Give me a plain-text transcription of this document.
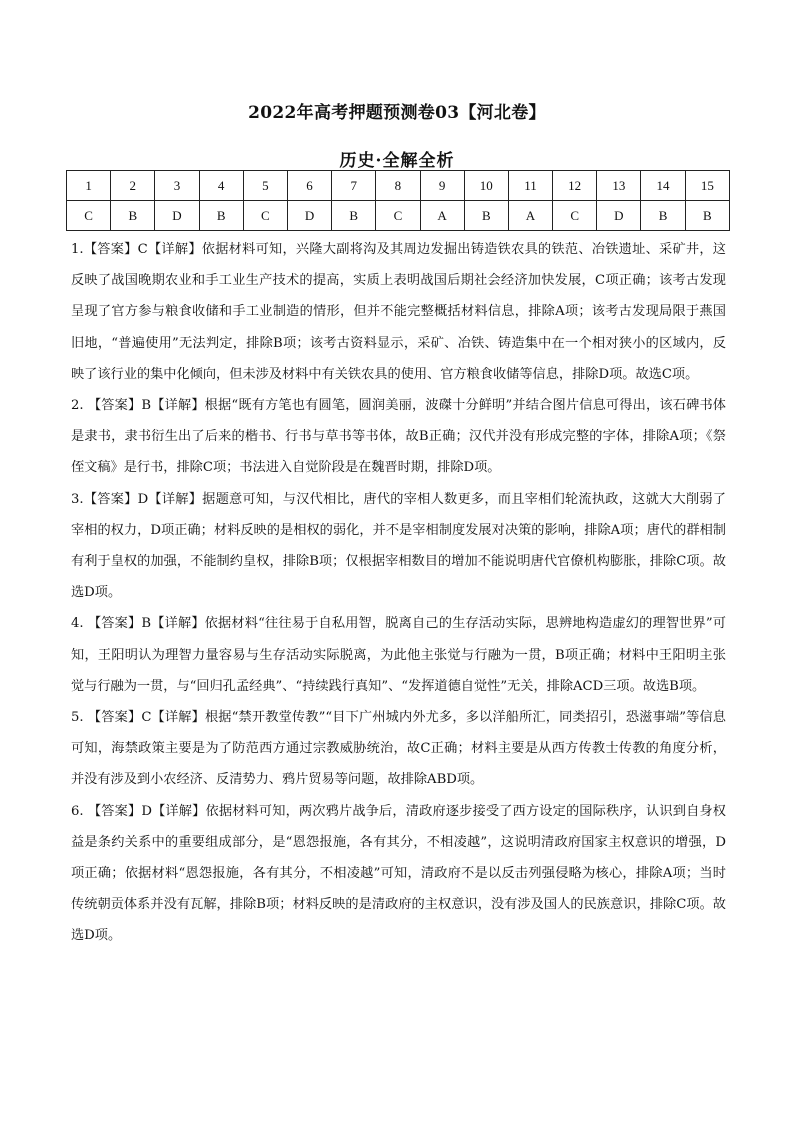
2022年高考押题预测卷03【河北卷】
历史·全解全析
1	2	3	4	5	6	7	8	9	10	11	12	13	14	15
C	B	D	B	C	D	B	C	A	B	A	C	D	B	B

1.【答案】C【详解】依据材料可知，兴隆大副将沟及其周边发掘出铸造铁农具的铁范、冶铁遗址、采矿井，这反映了战国晚期农业和手工业生产技术的提高，实质上表明战国后期社会经济加快发展，C项正确；该考古发现呈现了官方参与粮食收储和手工业制造的情形，但并不能完整概括材料信息，排除A项；该考古发现局限于燕国旧地，“普遍使用”无法判定，排除B项；该考古资料显示，采矿、冶铁、铸造集中在一个相对狭小的区域内，反映了该行业的集中化倾向，但未涉及材料中有关铁农具的使用、官方粮食收储等信息，排除D项。故选C项。

2. 【答案】B【详解】根据“既有方笔也有圆笔，圆润美丽，波磔十分鲜明”并结合图片信息可得出，该石碑书体是隶书，隶书衍生出了后来的楷书、行书与草书等书体，故B正确；汉代并没有形成完整的字体，排除A项；《祭侄文稿》是行书，排除C项；书法进入自觉阶段是在魏晋时期，排除D项。

3.【答案】D【详解】据题意可知，与汉代相比，唐代的宰相人数更多，而且宰相们轮流执政，这就大大削弱了宰相的权力，D项正确；材料反映的是相权的弱化，并不是宰相制度发展对决策的影响，排除A项；唐代的群相制有利于皇权的加强，不能制约皇权，排除B项；仅根据宰相数目的增加不能说明唐代官僚机构膨胀，排除C项。故选D项。

4. 【答案】B【详解】依据材料“往往易于自私用智，脱离自己的生存活动实际，思辨地构造虚幻的理智世界”可知，王阳明认为理智力量容易与生存活动实际脱离，为此他主张觉与行融为一贯，B项正确；材料中王阳明主张觉与行融为一贯，与“回归孔孟经典”、“持续践行真知”、“发挥道德自觉性”无关，排除ACD三项。故选B项。

5. 【答案】C【详解】根据“禁开教堂传教”“目下广州城内外尤多，多以洋船所汇，同类招引，恐滋事端”等信息可知，海禁政策主要是为了防范西方通过宗教威胁统治，故C正确；材料主要是从西方传教士传教的角度分析，并没有涉及到小农经济、反清势力、鸦片贸易等问题，故排除ABD项。

6. 【答案】D【详解】依据材料可知，两次鸦片战争后，清政府逐步接受了西方设定的国际秩序，认识到自身权益是条约关系中的重要组成部分，是“恩怨报施，各有其分，不相凌越”，这说明清政府国家主权意识的增强，D项正确；依据材料“恩怨报施，各有其分，不相凌越”可知，清政府不是以反击列强侵略为核心，排除A项；当时传统朝贡体系并没有瓦解，排除B项；材料反映的是清政府的主权意识，没有涉及国人的民族意识，排除C项。故选D项。
